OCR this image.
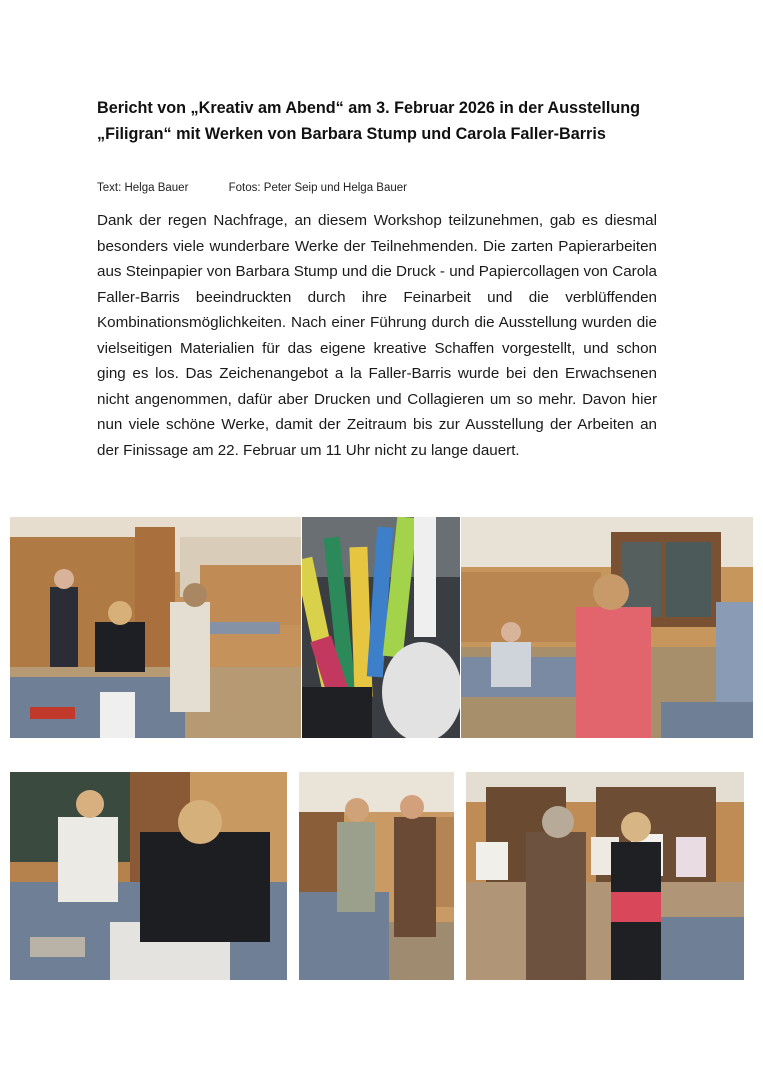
Bericht von „Kreativ am Abend“ am 3. Februar 2026 in der Ausstellung „Filigran“ mit Werken von Barbara Stump und Carola Faller-Barris
Text: Helga Bauer	Fotos: Peter Seip und Helga Bauer
Dank der regen Nachfrage, an diesem Workshop teilzunehmen, gab es diesmal besonders viele wunderbare Werke der Teilnehmenden. Die zarten Papierarbeiten aus Steinpapier von Barbara Stump und die Druck - und Papiercollagen von Carola Faller-Barris beeindruckten durch ihre Feinarbeit und die verblüffenden Kombinationsmöglichkeiten. Nach einer Führung durch die Ausstellung wurden die vielseitigen Materialien für das eigene kreative Schaffen vorgestellt, und schon ging es los. Das Zeichenangebot a la Faller-Barris wurde bei den Erwachsenen nicht angenommen, dafür aber Drucken und Collagieren um so mehr. Davon hier nun viele schöne Werke, damit der Zeitraum bis zur Ausstellung der Arbeiten an der Finissage am 22. Februar um 11 Uhr nicht zu lange dauert.
